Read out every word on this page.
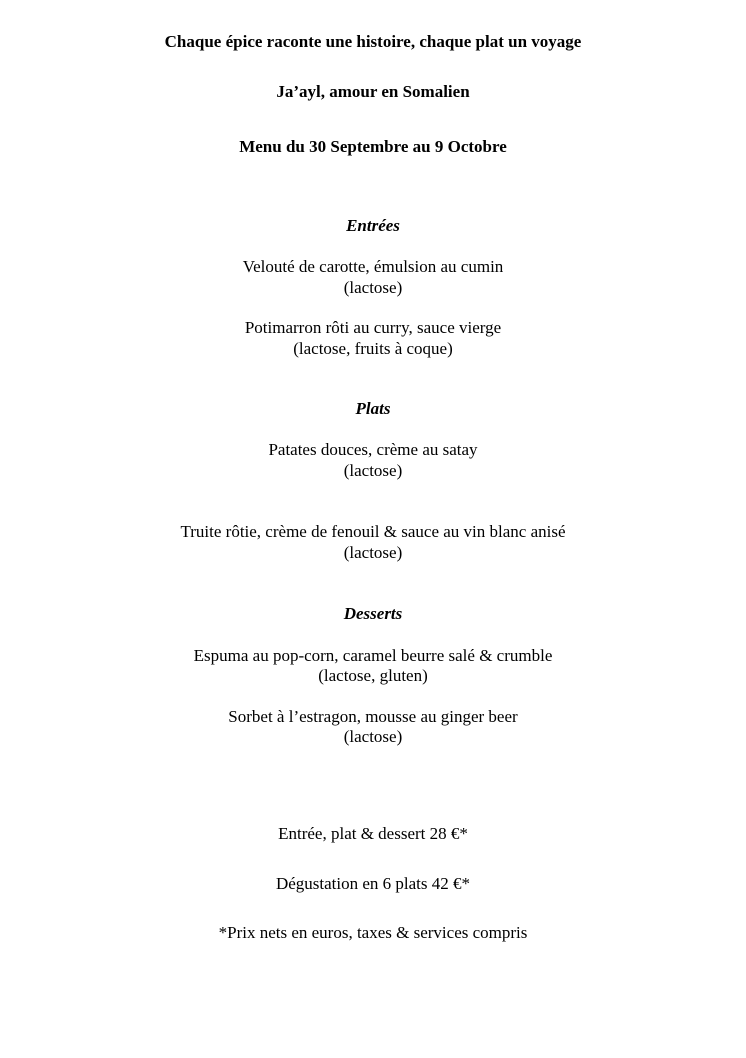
Chaque épice raconte une histoire, chaque plat un voyage
Ja’ayl, amour en Somalien
Menu du 30 Septembre au 9 Octobre
Entrées
Velouté de carotte, émulsion au cumin
(lactose)
Potimarron rôti au curry, sauce vierge
(lactose, fruits à coque)
Plats
Patates douces, crème au satay
(lactose)
Truite rôtie, crème de fenouil & sauce au vin blanc anisé
(lactose)
Desserts
Espuma au pop-corn, caramel beurre salé & crumble
(lactose, gluten)
Sorbet à l’estragon, mousse au ginger beer
(lactose)
Entrée, plat & dessert 28 €*
Dégustation en 6 plats 42 €*
*Prix nets en euros, taxes & services compris
